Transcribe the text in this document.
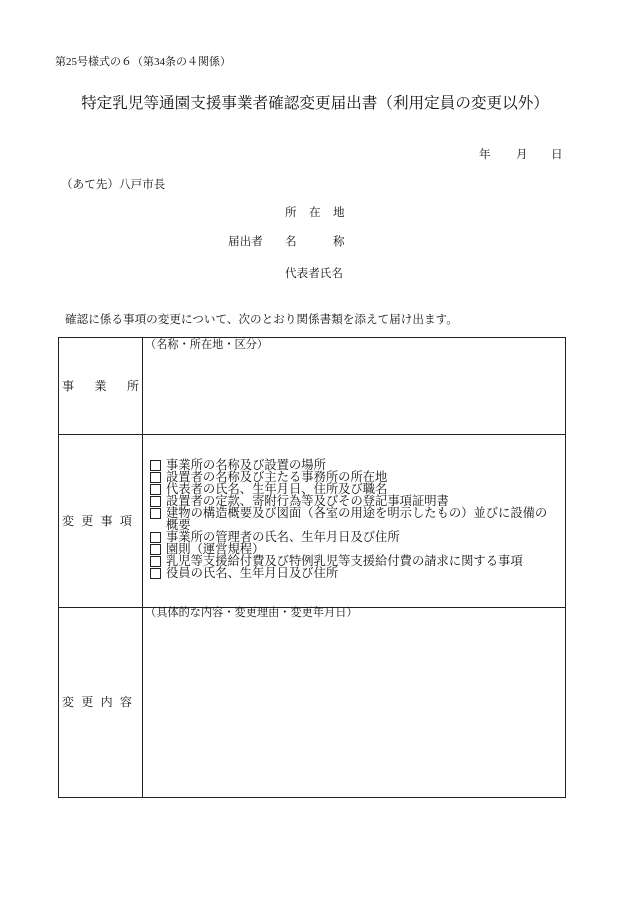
第25号様式の６（第34条の４関係）
特定乳児等通園支援事業者確認変更届出書（利用定員の変更以外）
年 月 日
（あて先）八戸市長
所在地
届出者 名称
代表者氏名
確認に係る事項の変更について、次のとおり関係書類を添えて届け出ます。
事業所
（名称・所在地・区分）
変更事項
事業所の名称及び設置の場所
設置者の名称及び主たる事務所の所在地
代表者の氏名、生年月日、住所及び職名
設置者の定款、寄附行為等及びその登記事項証明書
建物の構造概要及び図面（各室の用途を明示したもの）並びに設備の概要
事業所の管理者の氏名、生年月日及び住所
園則（運営規程）
乳児等支援給付費及び特例乳児等支援給付費の請求に関する事項
役員の氏名、生年月日及び住所
変更内容
（具体的な内容・変更理由・変更年月日）
